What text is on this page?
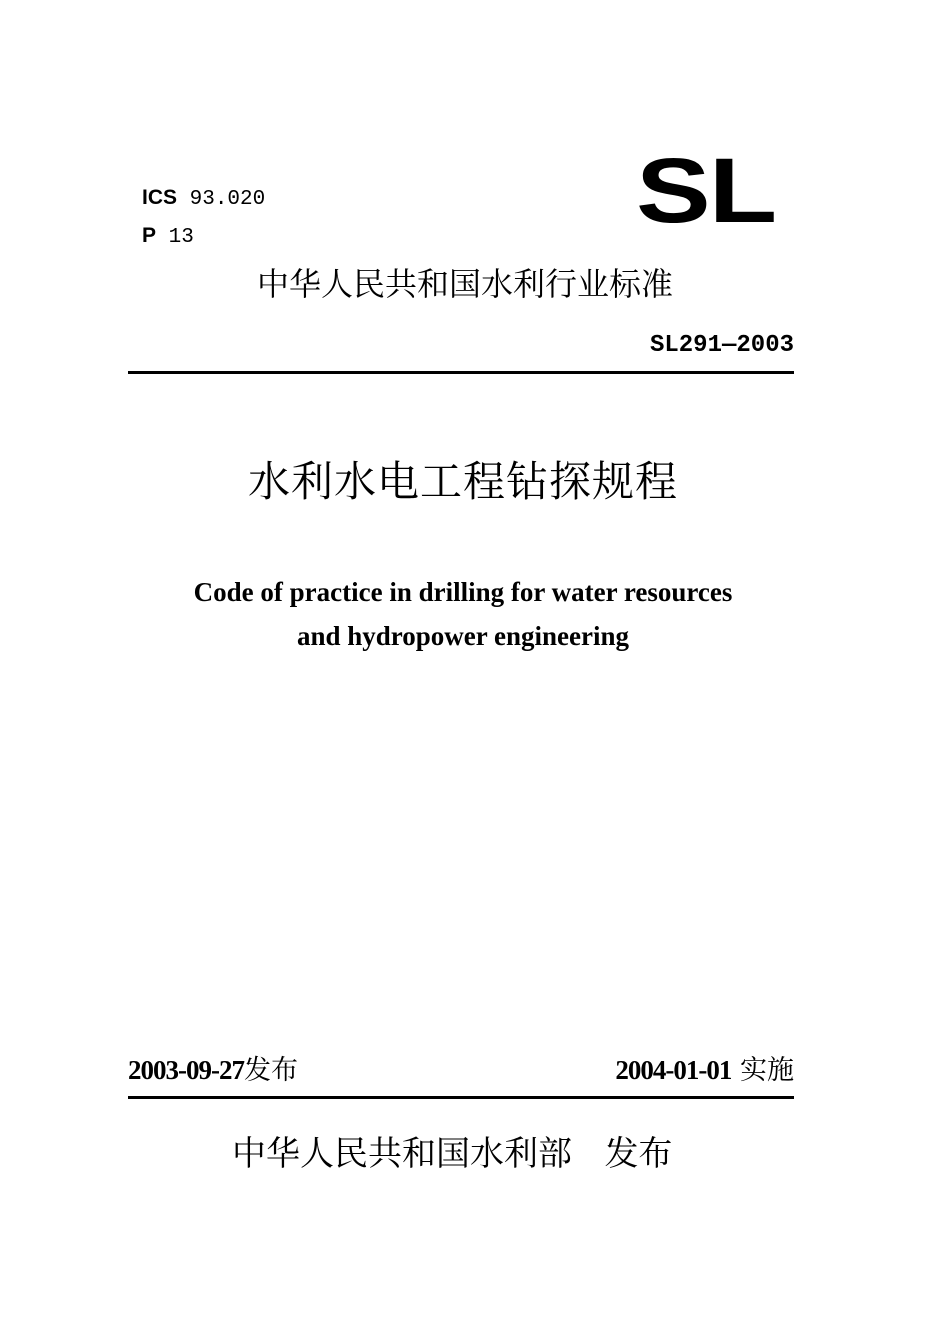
ICS 93.020
P 13	SL
中华人民共和国水利行业标准
SL291—2003
水利水电工程钻探规程
Code of practice in drilling for water resources
and hydropower engineering
2003-09-27发布	2004-01-01 实施
中华人民共和国水利部 发布
